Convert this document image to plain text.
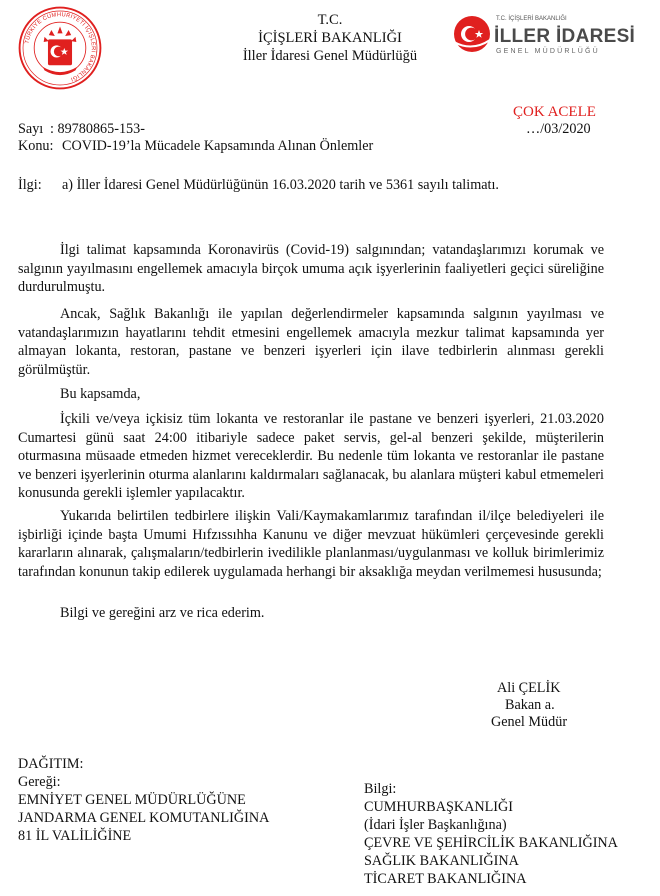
TÜRKİYE CUMHURİYETİ İÇİŞLERİ BAKANLIĞI
T.C. İÇİŞLERİ BAKANLIĞI
İLLER İDARESİ
GENEL MÜDÜRLÜĞÜ
T.C.
İÇİŞLERİ BAKANLIĞI
İller İdaresi Genel Müdürlüğü
ÇOK ACELE
Sayı : 89780865-153-	…/03/2020
Konu: COVID-19’la Mücadele Kapsamında Alınan Önlemler
İlgi: a) İller İdaresi Genel Müdürlüğünün 16.03.2020 tarih ve 5361 sayılı talimatı.
İlgi talimat kapsamında Koronavirüs (Covid-19) salgınından; vatandaşlarımızı korumak ve salgının yayılmasını engellemek amacıyla birçok umuma açık işyerlerinin faaliyetleri geçici süreliğine durdurulmuştu.
Ancak, Sağlık Bakanlığı ile yapılan değerlendirmeler kapsamında salgının yayılması ve vatandaşlarımızın hayatlarını tehdit etmesini engellemek amacıyla mezkur talimat kapsamında yer almayan lokanta, restoran, pastane ve benzeri işyerleri için ilave tedbirlerin alınması gerekli görülmüştür.
Bu kapsamda,
İçkili ve/veya içkisiz tüm lokanta ve restoranlar ile pastane ve benzeri işyerleri, 21.03.2020 Cumartesi günü saat 24:00 itibariyle sadece paket servis, gel-al benzeri şekilde, müşterilerin oturmasına müsaade etmeden hizmet vereceklerdir. Bu nedenle tüm lokanta ve restoranlar ile pastane ve benzeri işyerlerinin oturma alanlarını kaldırmaları sağlanacak, bu alanlara müşteri kabul etmemeleri konusunda gerekli işlemler yapılacaktır.
Yukarıda belirtilen tedbirlere ilişkin Vali/Kaymakamlarımız tarafından il/ilçe belediyeleri ile işbirliği içinde başta Umumi Hıfzıssıhha Kanunu ve diğer mevzuat hükümleri çerçevesinde gerekli kararların alınarak, çalışmaların/tedbirlerin ivedilikle planlanması/uygulanması ve kolluk birimlerimiz tarafından konunun takip edilerek uygulamada herhangi bir aksaklığa meydan verilmemesi hususunda;
Bilgi ve gereğini arz ve rica ederim.
Ali ÇELİK
Bakan a.
Genel Müdür
DAĞITIM:
Gereği:
EMNİYET GENEL MÜDÜRLÜĞÜNE
JANDARMA GENEL KOMUTANLIĞINA
81 İL VALİLİĞİNE
Bilgi:
CUMHURBAŞKANLIĞI
(İdari İşler Başkanlığına)
ÇEVRE VE ŞEHİRCİLİK BAKANLIĞINA
SAĞLIK BAKANLIĞINA
TİCARET BAKANLIĞINA
